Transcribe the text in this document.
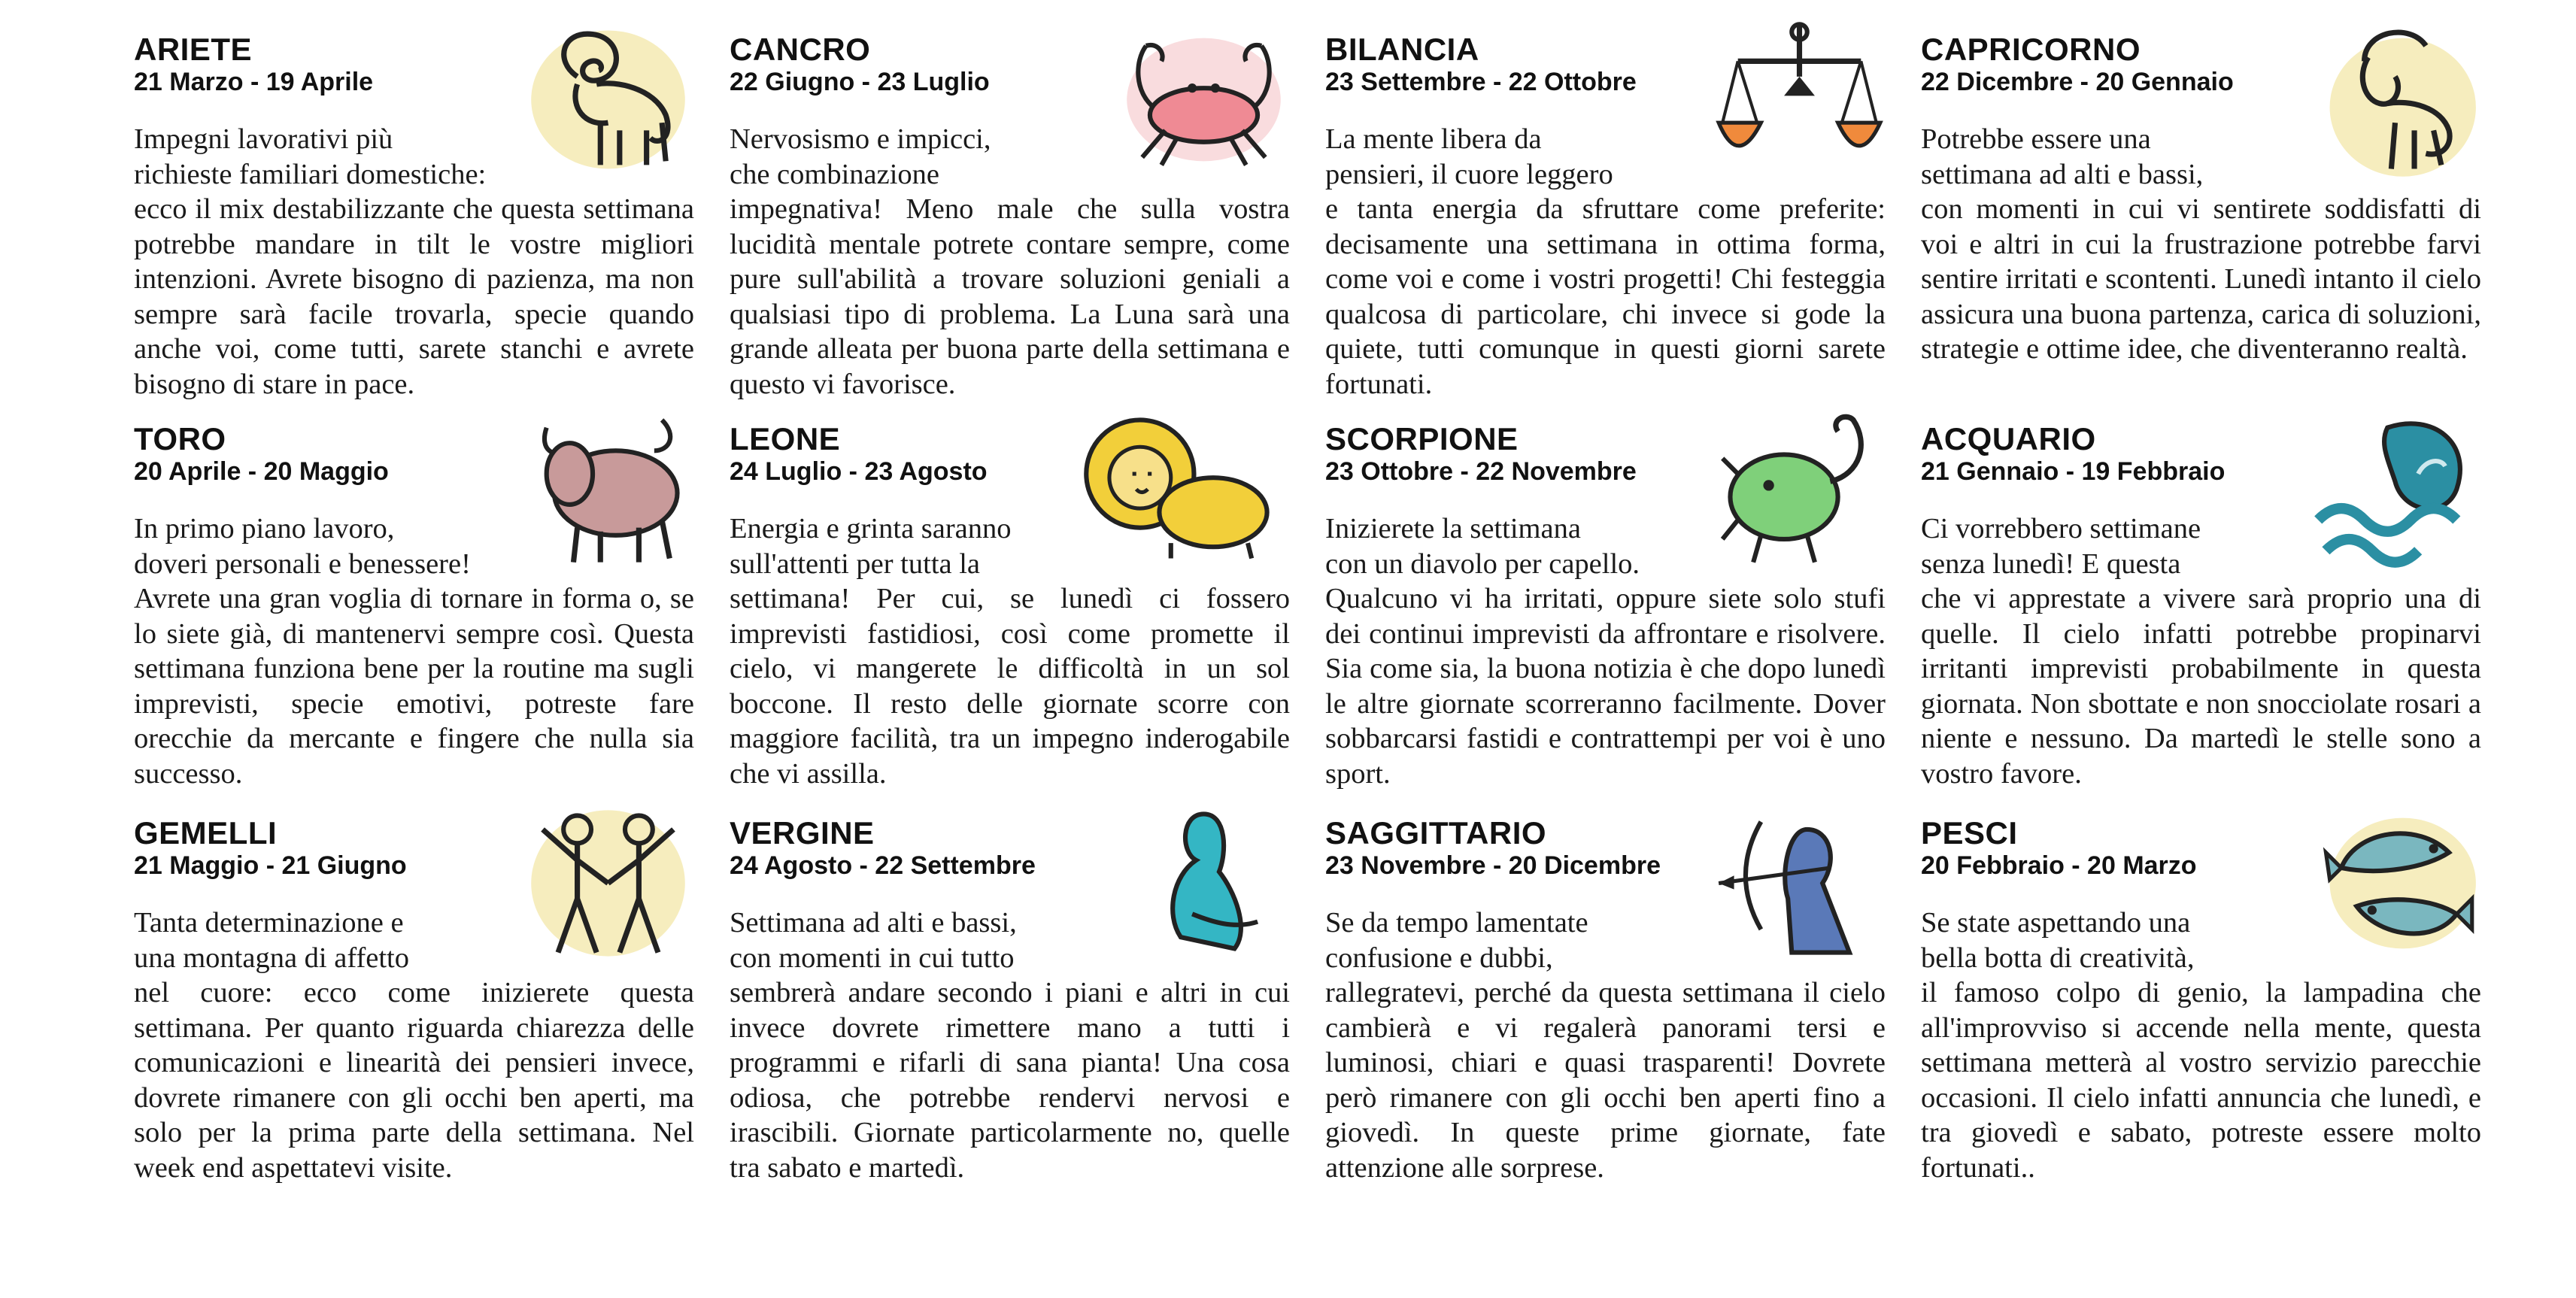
ARIETE
21 Marzo - 19 Aprile
Impegni lavorativi più
richieste familiari domestiche:
ecco il mix destabilizzante che questa settimana potrebbe mandare in tilt le vostre migliori intenzioni. Avrete bisogno di pazienza, ma non sempre sarà facile trovarla, specie quando anche voi, come tutti, sarete stanchi e avrete bisogno di stare in pace.
CANCRO
22 Giugno - 23 Luglio
Nervosismo e impicci,
che combinazione
impegnativa! Meno male che sulla vostra lucidità mentale potrete contare sempre, come pure sull'abilità a trovare soluzioni geniali a qualsiasi tipo di problema. La Luna sarà una grande alleata per buona parte della settimana e questo vi favorisce.
BILANCIA
23 Settembre - 22 Ottobre
La mente libera da
pensieri, il cuore leggero
e tanta energia da sfruttare come preferite: decisamente una settimana in ottima forma, come voi e come i vostri progetti! Chi festeggia qualcosa di particolare, chi invece si gode la quiete, tutti comunque in questi giorni sarete fortunati.
CAPRICORNO
22 Dicembre - 20 Gennaio
Potrebbe essere una
settimana ad alti e bassi,
con momenti in cui vi sentirete soddisfatti di voi e altri in cui la frustrazione potrebbe farvi sentire irritati e scontenti. Lunedì intanto il cielo assicura una buona partenza, carica di soluzioni, strategie e ottime idee, che diventeranno realtà.
TORO
20 Aprile - 20 Maggio
In primo piano lavoro,
doveri personali e benessere!
Avrete una gran voglia di tornare in forma o, se lo siete già, di mantenervi sempre così. Questa settimana funziona bene per la routine ma sugli imprevisti, specie emotivi, potreste fare orecchie da mercante e fingere che nulla sia successo.
LEONE
24 Luglio - 23 Agosto
Energia e grinta saranno
sull'attenti per tutta la
settimana! Per cui, se lunedì ci fossero imprevisti fastidiosi, così come promette il cielo, vi mangerete le difficoltà in un sol boccone. Il resto delle giornate scorre con maggiore facilità, tra un impegno inderogabile che vi assilla.
SCORPIONE
23 Ottobre - 22 Novembre
Inizierete la settimana
con un diavolo per capello.
Qualcuno vi ha irritati, oppure siete solo stufi dei continui imprevisti da affrontare e risolvere. Sia come sia, la buona notizia è che dopo lunedì le altre giornate scorreranno facilmente. Dover sobbarcarsi fastidi e contrattempi per voi è uno sport.
ACQUARIO
21 Gennaio - 19 Febbraio
Ci vorrebbero settimane
senza lunedì! E questa
che vi apprestate a vivere sarà proprio una di quelle. Il cielo infatti potrebbe propinarvi irritanti imprevisti probabilmente in questa giornata. Non sbottate e non snocciolate rosari a niente e nessuno. Da martedì le stelle sono a vostro favore.
GEMELLI
21 Maggio - 21 Giugno
Tanta determinazione e
una montagna di affetto
nel cuore: ecco come inizierete questa settimana. Per quanto riguarda chiarezza delle comunicazioni e linearità dei pensieri invece, dovrete rimanere con gli occhi ben aperti, ma solo per la prima parte della settimana. Nel week end aspettatevi visite.
VERGINE
24 Agosto - 22 Settembre
Settimana ad alti e bassi,
con momenti in cui tutto
sembrerà andare secondo i piani e altri in cui invece dovrete rimettere mano a tutti i programmi e rifarli di sana pianta! Una cosa odiosa, che potrebbe rendervi nervosi e irascibili. Giornate particolarmente no, quelle tra sabato e martedì.
SAGGITTARIO
23 Novembre - 20 Dicembre
Se da tempo lamentate
confusione e dubbi,
rallegratevi, perché da questa settimana il cielo cambierà e vi regalerà panorami tersi e luminosi, chiari e quasi trasparenti! Dovrete però rimanere con gli occhi ben aperti fino a giovedì. In queste prime giornate, fate attenzione alle sorprese.
PESCI
20 Febbraio - 20 Marzo
Se state aspettando una
bella botta di creatività,
il famoso colpo di genio, la lampadina che all'improvviso si accende nella mente, questa settimana metterà al vostro servizio parecchie occasioni. Il cielo infatti annuncia che lunedì, e tra giovedì e sabato, potreste essere molto fortunati..
